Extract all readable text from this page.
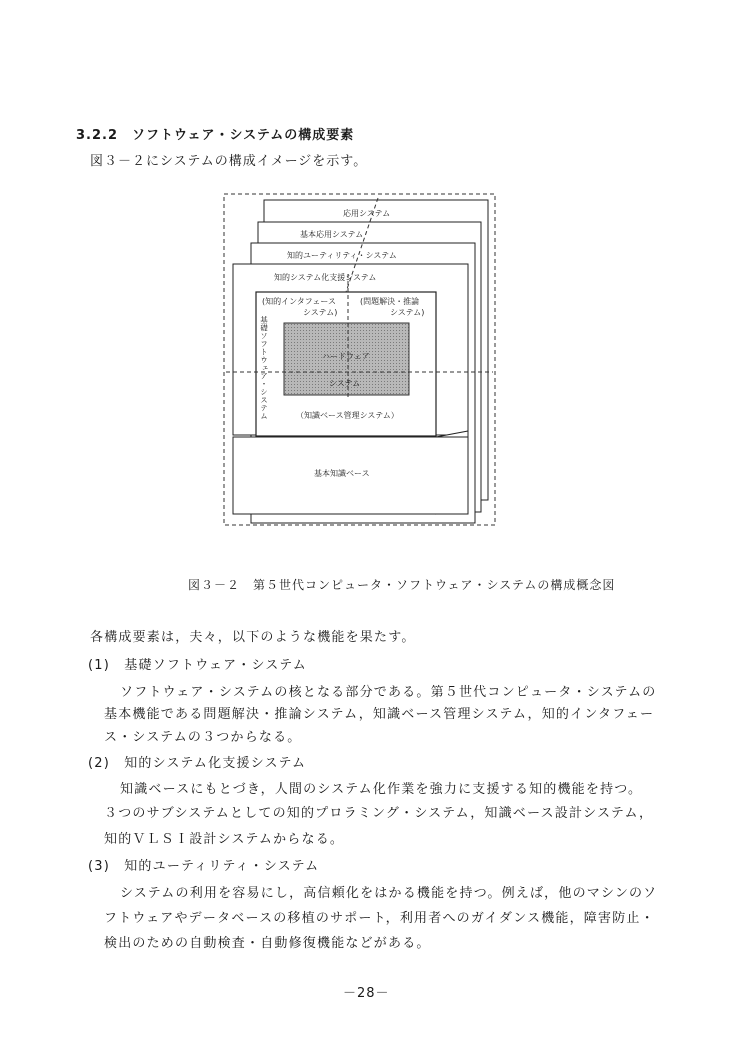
3.2.2　ソフトウェア・システムの構成要素
図３－２にシステムの構成イメージを示す。
応用システム
基本応用システム
知的ユーティリティ・システム
知的システム化支援システム
(知的インタフェース
システム)
(問題解決・推論
システム)
ハードウェア
システム
（知識ベース管理システム）
基礎ソフトウェア・システム
基本知識ベース
図３－２　第５世代コンピュータ・ソフトウェア・システムの構成概念図
各構成要素は，夫々，以下のような機能を果たす。
(1)　基礎ソフトウェア・システム
ソフトウェア・システムの核となる部分である。第５世代コンピュータ・システムの
基本機能である問題解決・推論システム，知識ベース管理システム，知的インタフェー
ス・システムの３つからなる。
(2)　知的システム化支援システム
知識ベースにもとづき，人間のシステム化作業を強力に支援する知的機能を持つ。
３つのサブシステムとしての知的プロラミング・システム，知識ベース設計システム，
知的ＶＬＳＩ設計システムからなる。
(3)　知的ユーティリティ・システム
システムの利用を容易にし，高信頼化をはかる機能を持つ。例えば，他のマシンのソ
フトウェアやデータベースの移植のサポート，利用者へのガイダンス機能，障害防止・
検出のための自動検査・自動修復機能などがある。
－28－
